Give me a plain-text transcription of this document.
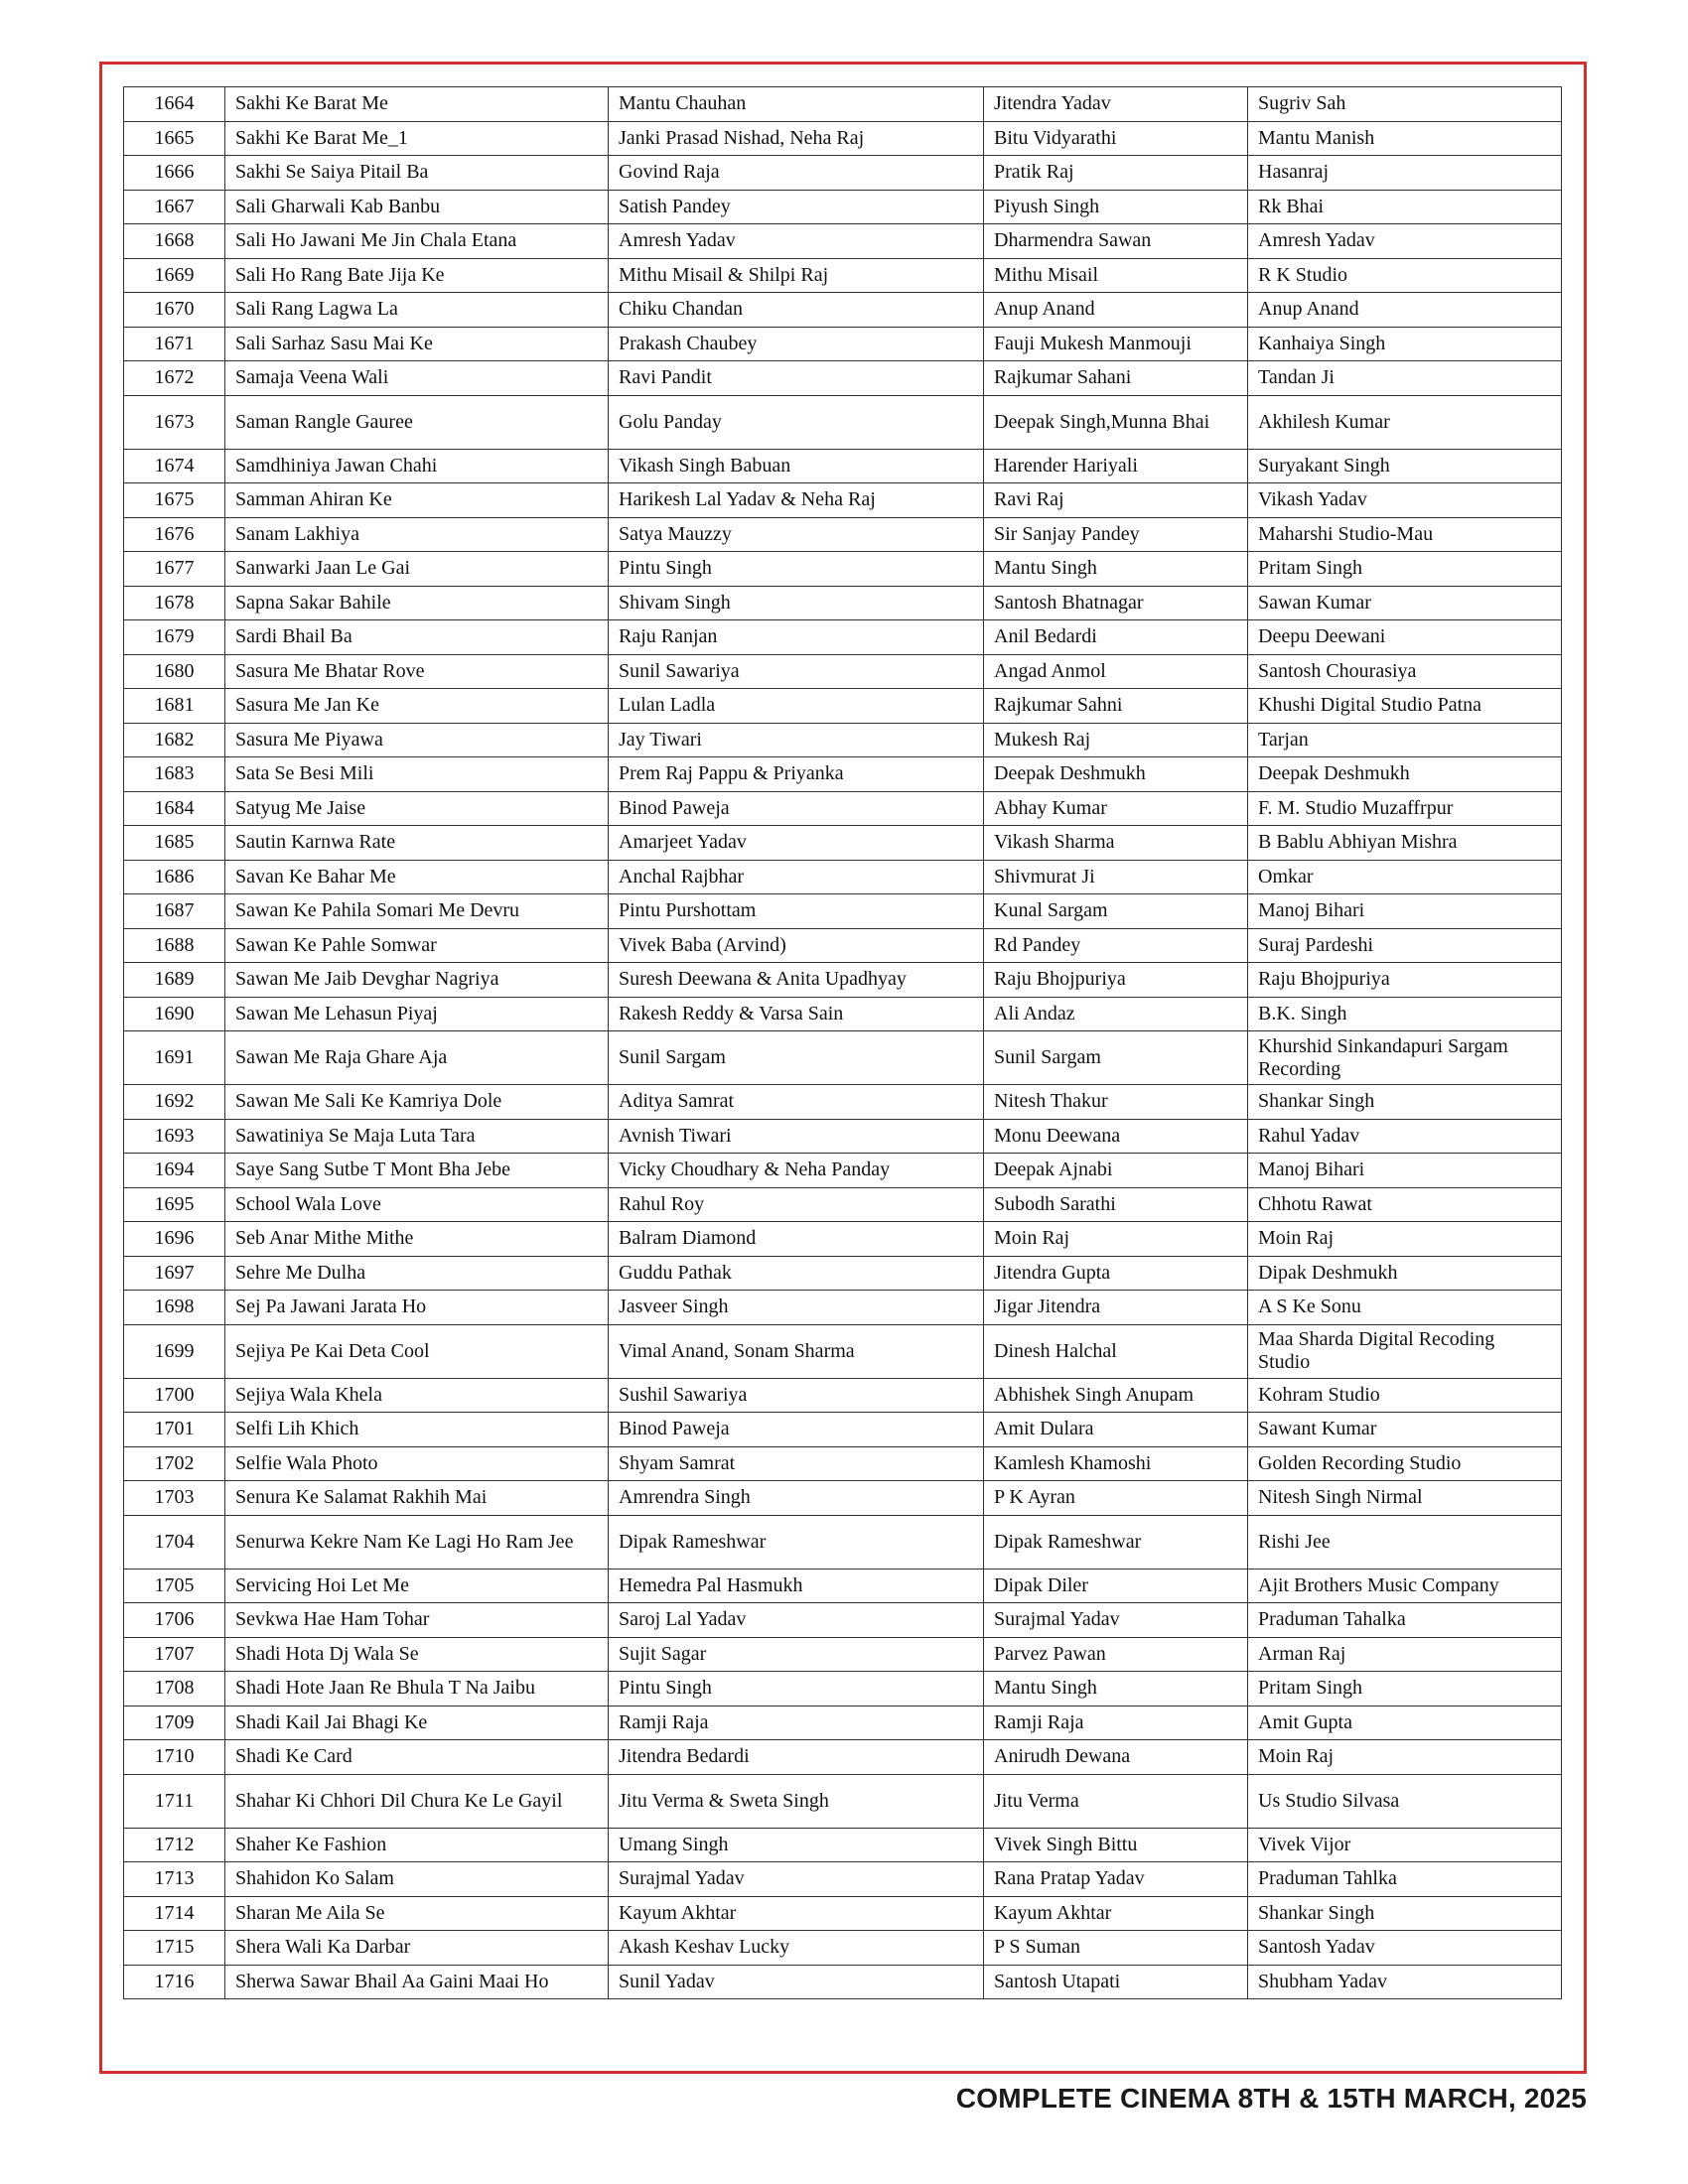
1664	Sakhi Ke Barat Me	Mantu Chauhan	Jitendra Yadav	Sugriv Sah
1665	Sakhi Ke Barat Me_1	Janki Prasad Nishad, Neha Raj	Bitu Vidyarathi	Mantu Manish
1666	Sakhi Se Saiya Pitail Ba	Govind Raja	Pratik Raj	Hasanraj
1667	Sali Gharwali Kab Banbu	Satish Pandey	Piyush Singh	Rk Bhai
1668	Sali Ho Jawani Me Jin Chala Etana	Amresh Yadav	Dharmendra Sawan	Amresh Yadav
1669	Sali Ho Rang Bate Jija Ke	Mithu Misail & Shilpi Raj	Mithu Misail	R K Studio
1670	Sali Rang Lagwa La	Chiku Chandan	Anup Anand	Anup Anand
1671	Sali Sarhaz Sasu Mai Ke	Prakash Chaubey	Fauji Mukesh Manmouji	Kanhaiya Singh
1672	Samaja Veena Wali	Ravi Pandit	Rajkumar Sahani	Tandan Ji
1673	Saman Rangle Gauree	Golu Panday	Deepak Singh,Munna Bhai	Akhilesh Kumar
1674	Samdhiniya Jawan Chahi	Vikash Singh Babuan	Harender Hariyali	Suryakant Singh
1675	Samman Ahiran Ke	Harikesh Lal Yadav & Neha Raj	Ravi Raj	Vikash Yadav
1676	Sanam Lakhiya	Satya Mauzzy	Sir Sanjay Pandey	Maharshi Studio-Mau
1677	Sanwarki Jaan Le Gai	Pintu Singh	Mantu Singh	Pritam Singh
1678	Sapna Sakar Bahile	Shivam Singh	Santosh Bhatnagar	Sawan Kumar
1679	Sardi Bhail Ba	Raju Ranjan	Anil Bedardi	Deepu Deewani
1680	Sasura Me Bhatar Rove	Sunil Sawariya	Angad Anmol	Santosh Chourasiya
1681	Sasura Me Jan Ke	Lulan Ladla	Rajkumar Sahni	Khushi Digital Studio Patna
1682	Sasura Me Piyawa	Jay Tiwari	Mukesh Raj	Tarjan
1683	Sata Se Besi Mili	Prem Raj Pappu & Priyanka	Deepak Deshmukh	Deepak Deshmukh
1684	Satyug Me Jaise	Binod Paweja	Abhay Kumar	F. M. Studio Muzaffrpur
1685	Sautin Karnwa Rate	Amarjeet Yadav	Vikash Sharma	B Bablu Abhiyan Mishra
1686	Savan Ke Bahar Me	Anchal Rajbhar	Shivmurat Ji	Omkar
1687	Sawan Ke Pahila Somari Me Devru	Pintu Purshottam	Kunal Sargam	Manoj Bihari
1688	Sawan Ke Pahle Somwar	Vivek Baba (Arvind)	Rd Pandey	Suraj Pardeshi
1689	Sawan Me Jaib Devghar Nagriya	Suresh Deewana & Anita Upadhyay	Raju Bhojpuriya	Raju Bhojpuriya
1690	Sawan Me Lehasun Piyaj	Rakesh Reddy & Varsa Sain	Ali Andaz	B.K. Singh
1691	Sawan Me Raja Ghare Aja	Sunil Sargam	Sunil Sargam	Khurshid Sinkandapuri Sargam Recording
1692	Sawan Me Sali Ke Kamriya Dole	Aditya Samrat	Nitesh Thakur	Shankar Singh
1693	Sawatiniya Se Maja Luta Tara	Avnish Tiwari	Monu Deewana	Rahul Yadav
1694	Saye Sang Sutbe T Mont Bha Jebe	Vicky Choudhary & Neha Panday	Deepak Ajnabi	Manoj Bihari
1695	School Wala Love	Rahul Roy	Subodh Sarathi	Chhotu Rawat
1696	Seb Anar Mithe Mithe	Balram Diamond	Moin Raj	Moin Raj
1697	Sehre Me Dulha	Guddu Pathak	Jitendra Gupta	Dipak Deshmukh
1698	Sej Pa Jawani Jarata Ho	Jasveer Singh	Jigar Jitendra	A S Ke Sonu
1699	Sejiya Pe Kai Deta Cool	Vimal Anand, Sonam Sharma	Dinesh Halchal	Maa Sharda Digital Recoding Studio
1700	Sejiya Wala Khela	Sushil Sawariya	Abhishek Singh Anupam	Kohram Studio
1701	Selfi Lih Khich	Binod Paweja	Amit Dulara	Sawant Kumar
1702	Selfie Wala Photo	Shyam Samrat	Kamlesh Khamoshi	Golden Recording Studio
1703	Senura Ke Salamat Rakhih Mai	Amrendra Singh	P K Ayran	Nitesh Singh Nirmal
1704	Senurwa Kekre Nam Ke Lagi Ho Ram Jee	Dipak Rameshwar	Dipak Rameshwar	Rishi Jee
1705	Servicing Hoi Let Me	Hemedra Pal Hasmukh	Dipak Diler	Ajit Brothers Music Company
1706	Sevkwa Hae Ham Tohar	Saroj Lal Yadav	Surajmal Yadav	Praduman Tahalka
1707	Shadi Hota Dj Wala Se	Sujit Sagar	Parvez Pawan	Arman Raj
1708	Shadi Hote Jaan Re Bhula T Na Jaibu	Pintu Singh	Mantu Singh	Pritam Singh
1709	Shadi Kail Jai Bhagi Ke	Ramji Raja	Ramji Raja	Amit Gupta
1710	Shadi Ke Card	Jitendra Bedardi	Anirudh Dewana	Moin Raj
1711	Shahar Ki Chhori Dil Chura Ke Le Gayil	Jitu Verma & Sweta Singh	Jitu Verma	Us Studio Silvasa
1712	Shaher Ke Fashion	Umang Singh	Vivek Singh Bittu	Vivek Vijor
1713	Shahidon Ko Salam	Surajmal Yadav	Rana Pratap Yadav	Praduman Tahlka
1714	Sharan Me Aila Se	Kayum Akhtar	Kayum Akhtar	Shankar Singh
1715	Shera Wali Ka Darbar	Akash Keshav Lucky	P S Suman	Santosh Yadav
1716	Sherwa Sawar Bhail Aa Gaini Maai Ho	Sunil Yadav	Santosh Utapati	Shubham Yadav
COMPLETE CINEMA 8TH & 15TH MARCH, 2025
